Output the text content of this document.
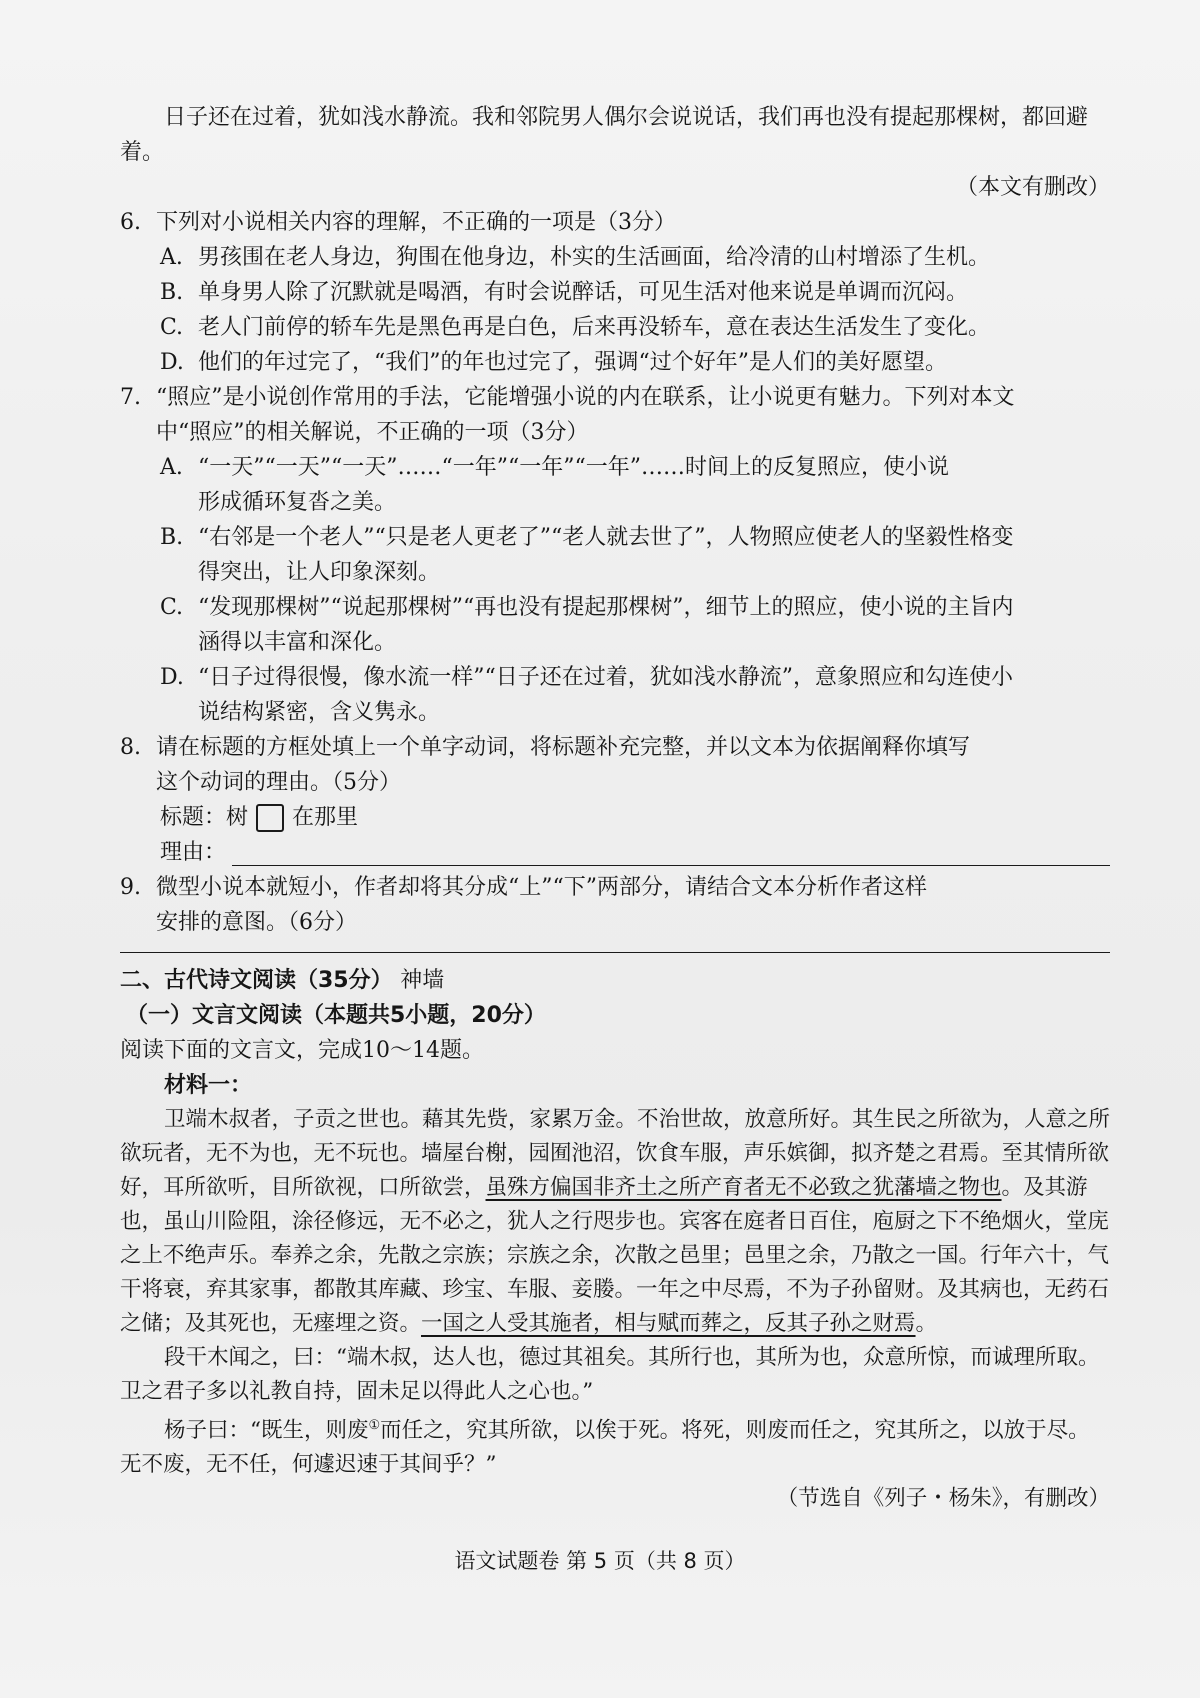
日子还在过着，犹如浅水静流。我和邻院男人偶尔会说说话，我们再也没有提起那棵树，都回避着。

（本文有删改）

6. 下列对小说相关内容的理解，不正确的一项是（3分）

A. 男孩围在老人身边，狗围在他身边，朴实的生活画面，给冷清的山村增添了生机。

B. 单身男人除了沉默就是喝酒，有时会说醉话，可见生活对他来说是单调而沉闷。

C. 老人门前停的轿车先是黑色再是白色，后来再没轿车，意在表达生活发生了变化。

D. 他们的年过完了，“我们”的年也过完了，强调“过个好年”是人们的美好愿望。

7. “照应”是小说创作常用的手法，它能增强小说的内在联系，让小说更有魅力。下列对本文

中“照应”的相关解说，不正确的一项（3分）

A. “一天”“一天”“一天”……“一年”“一年”“一年”……时间上的反复照应，使小说

形成循环复沓之美。

B. “右邻是一个老人”“只是老人更老了”“老人就去世了”，人物照应使老人的坚毅性格变

得突出，让人印象深刻。

C. “发现那棵树”“说起那棵树”“再也没有提起那棵树”，细节上的照应，使小说的主旨内

涵得以丰富和深化。

D. “日子过得很慢，像水流一样”“日子还在过着，犹如浅水静流”，意象照应和勾连使小

说结构紧密，含义隽永。

8. 请在标题的方框处填上一个单字动词，将标题补充完整，并以文本为依据阐释你填写

这个动词的理由。（5分）

标题：树 在那里

理由：

9. 微型小说本就短小，作者却将其分成“上”“下”两部分，请结合文本分析作者这样

安排的意图。（6分）

二、古代诗文阅读（35分） 神墙

（一）文言文阅读（本题共5小题，20分）

阅读下面的文言文，完成10～14题。

材料一：

卫端木叔者，子贡之世也。藉其先赀，家累万金。不治世故，放意所好。其生民之所欲为，人意之所欲玩者，无不为也，无不玩也。墙屋台榭，园囿池沼，饮食车服，声乐嫔御，拟齐楚之君焉。至其情所欲好，耳所欲听，目所欲视，口所欲尝，虽殊方偏国非齐土之所产育者无不必致之犹藩墙之物也。及其游也，虽山川险阻，涂径修远，无不必之，犹人之行咫步也。宾客在庭者日百住，庖厨之下不绝烟火，堂庑之上不绝声乐。奉养之余，先散之宗族；宗族之余，次散之邑里；邑里之余，乃散之一国。行年六十，气干将衰，弃其家事，都散其库藏、珍宝、车服、妾媵。一年之中尽焉，不为子孙留财。及其病也，无药石之储；及其死也，无瘗埋之资。一国之人受其施者，相与赋而葬之，反其子孙之财焉。

段干木闻之，曰：“端木叔，达人也，德过其祖矣。其所行也，其所为也，众意所惊，而诚理所取。卫之君子多以礼教自持，固未足以得此人之心也。”

杨子曰：“既生，则废①而任之，究其所欲，以俟于死。将死，则废而任之，究其所之，以放于尽。无不废，无不任，何遽迟速于其间乎？”

（节选自《列子・杨朱》，有删改）

语文试题卷 第 5 页（共 8 页）
